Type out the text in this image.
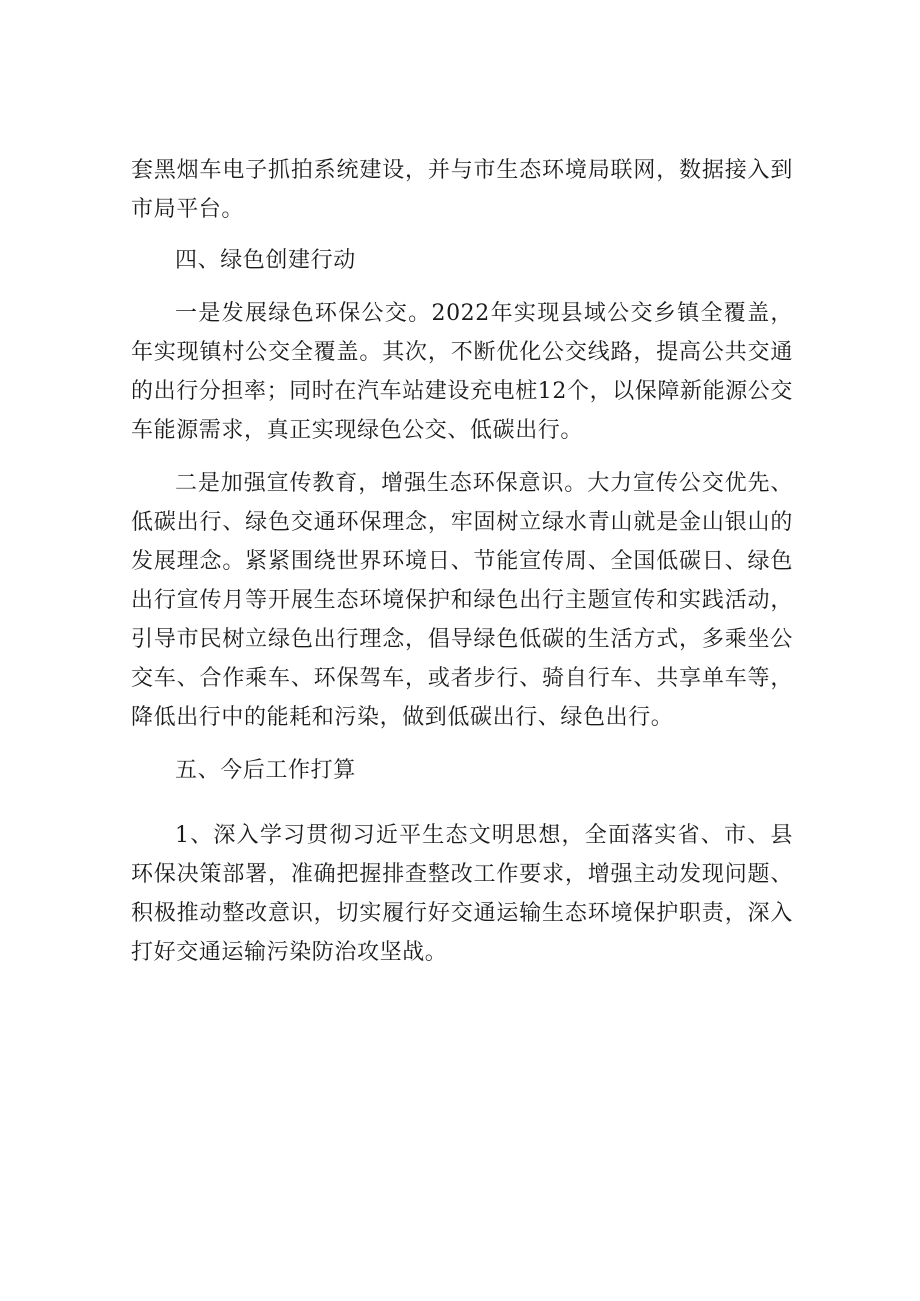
套黑烟车电子抓拍系统建设，并与市生态环境局联网，数据接入到市局平台。

四、绿色创建行动

一是发展绿色环保公交。2022年实现县域公交乡镇全覆盖，年实现镇村公交全覆盖。其次，不断优化公交线路，提高公共交通的出行分担率；同时在汽车站建设充电桩12个，以保障新能源公交车能源需求，真正实现绿色公交、低碳出行。

二是加强宣传教育，增强生态环保意识。大力宣传公交优先、低碳出行、绿色交通环保理念，牢固树立绿水青山就是金山银山的发展理念。紧紧围绕世界环境日、节能宣传周、全国低碳日、绿色出行宣传月等开展生态环境保护和绿色出行主题宣传和实践活动，引导市民树立绿色出行理念，倡导绿色低碳的生活方式，多乘坐公交车、合作乘车、环保驾车，或者步行、骑自行车、共享单车等，降低出行中的能耗和污染，做到低碳出行、绿色出行。

五、今后工作打算

1、深入学习贯彻习近平生态文明思想，全面落实省、市、县环保决策部署，准确把握排查整改工作要求，增强主动发现问题、积极推动整改意识，切实履行好交通运输生态环境保护职责，深入打好交通运输污染防治攻坚战。
